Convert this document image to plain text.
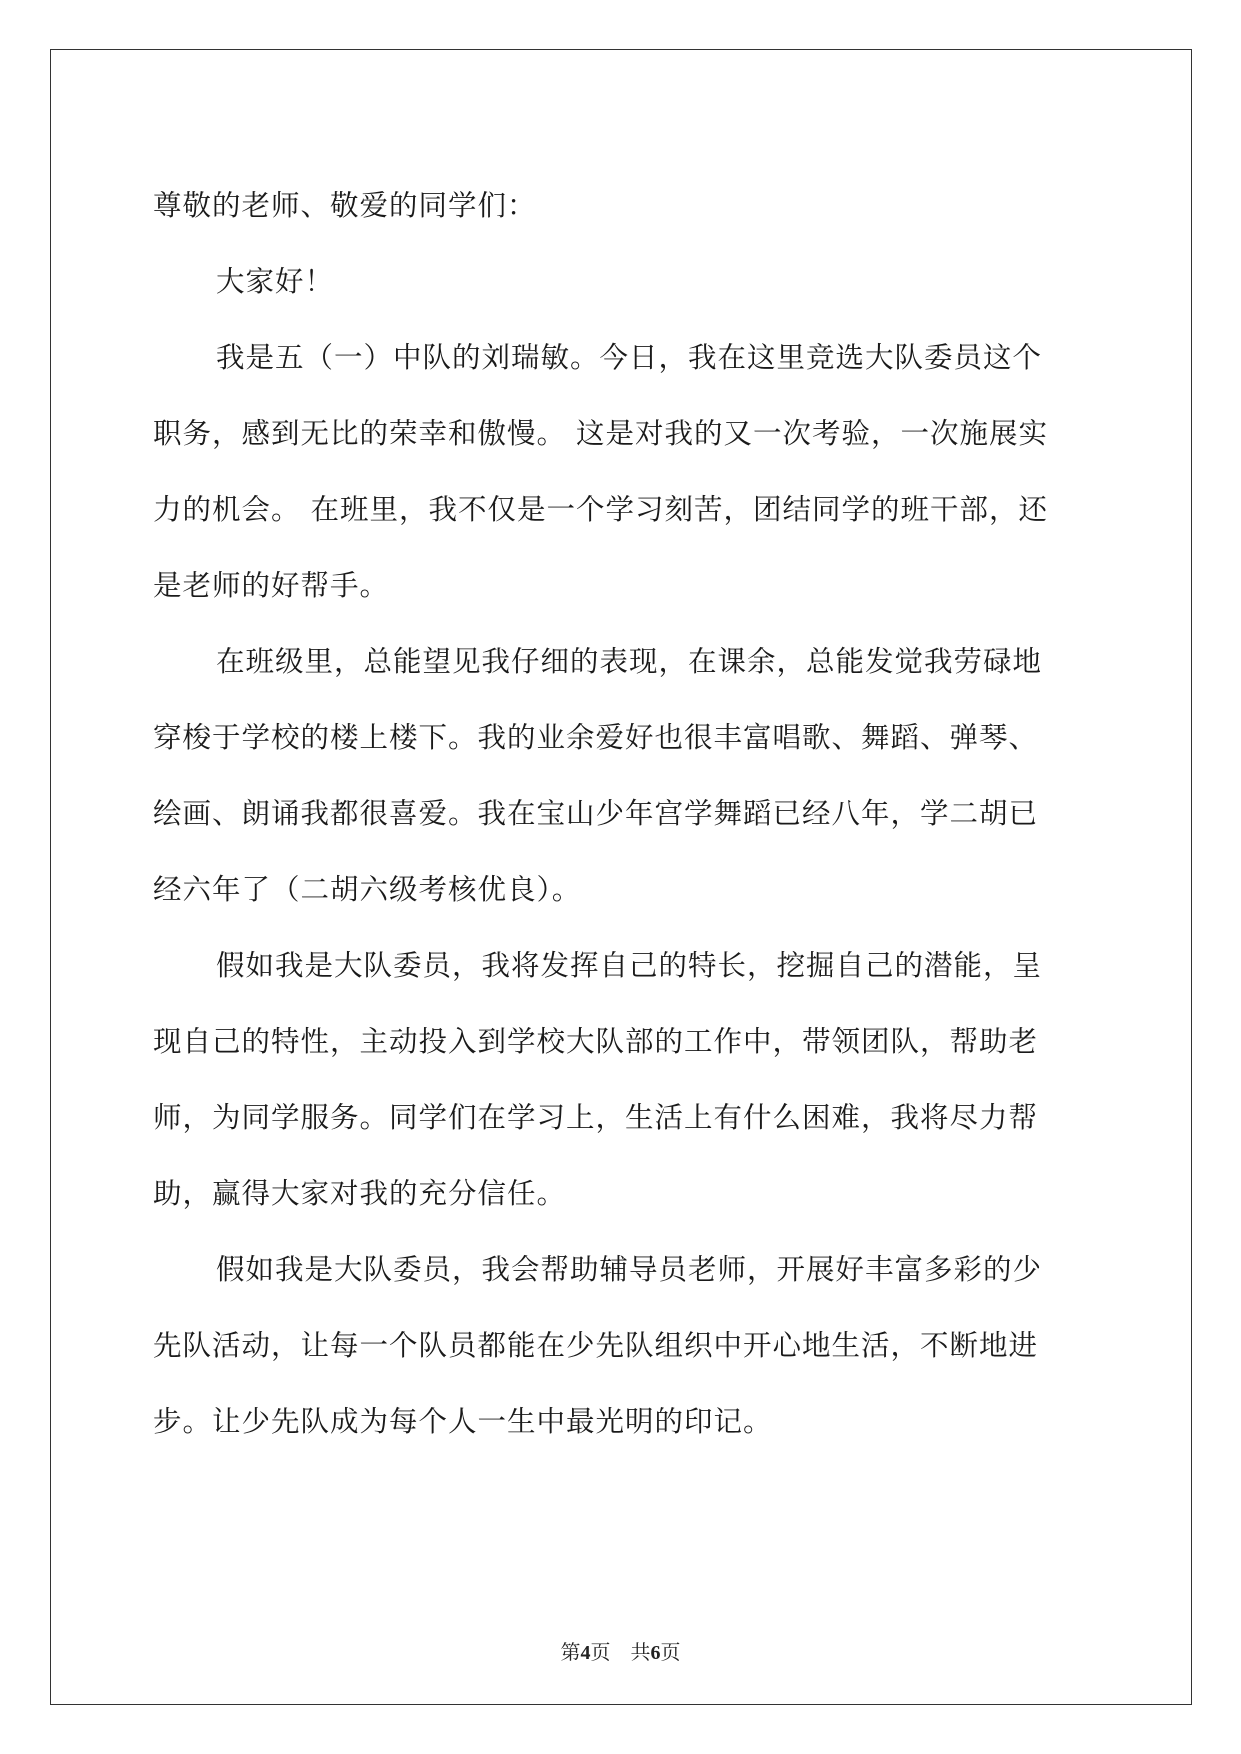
尊敬的老师、敬爱的同学们：

大家好！

我是五（一）中队的刘瑞敏。今日，我在这里竞选大队委员这个

职务，感到无比的荣幸和傲慢。 这是对我的又一次考验，一次施展实

力的机会。 在班里，我不仅是一个学习刻苦，团结同学的班干部，还

是老师的好帮手。

在班级里，总能望见我仔细的表现，在课余，总能发觉我劳碌地

穿梭于学校的楼上楼下。我的业余爱好也很丰富唱歌、舞蹈、弹琴、

绘画、朗诵我都很喜爱。我在宝山少年宫学舞蹈已经八年，学二胡已

经六年了（二胡六级考核优良）。

假如我是大队委员，我将发挥自己的特长，挖掘自己的潜能，呈

现自己的特性，主动投入到学校大队部的工作中，带领团队，帮助老

师，为同学服务。同学们在学习上，生活上有什么困难，我将尽力帮

助，赢得大家对我的充分信任。

假如我是大队委员，我会帮助辅导员老师，开展好丰富多彩的少

先队活动，让每一个队员都能在少先队组织中开心地生活，不断地进

步。让少先队成为每个人一生中最光明的印记。

第4页　共6页
